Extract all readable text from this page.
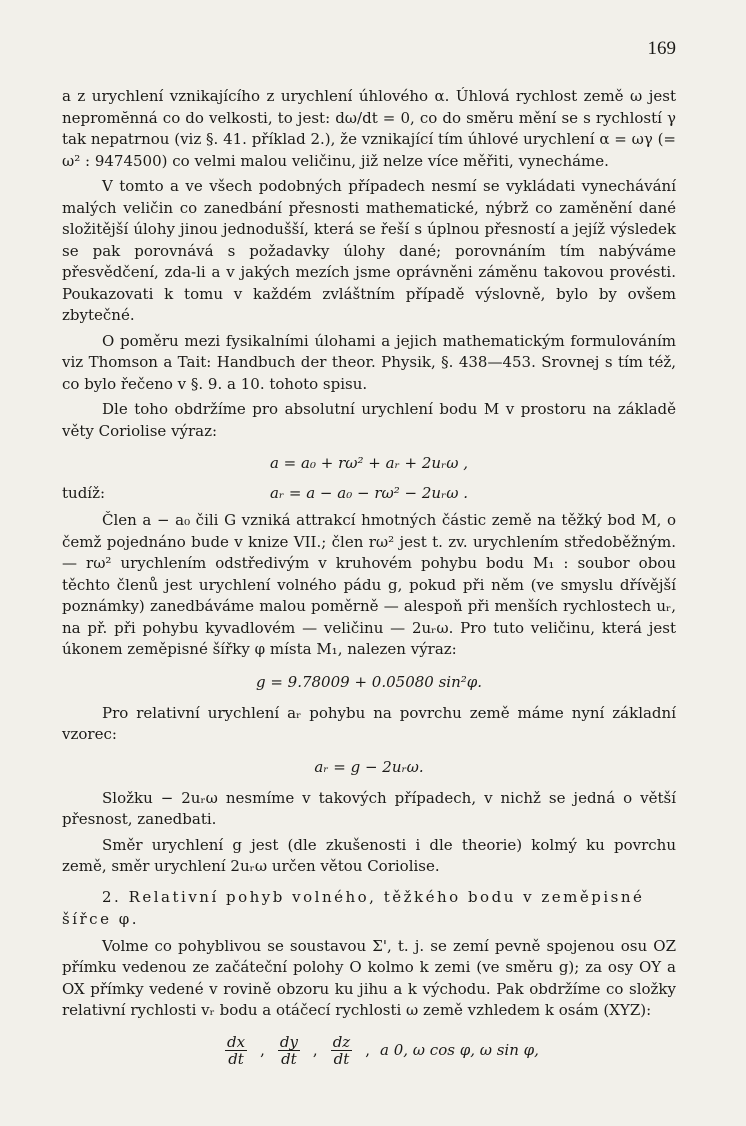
169

a z urychlení vznikajícího z urychlení úhlového α. Úhlová rychlost země ω jest nepromĕnná co do velkosti, to jest: dω/dt = 0, co do směru mění se s rychlostí γ tak nepatrnou (viz §. 41. příklad 2.), že vznikající tím úhlové urychlení α = ωγ (= ω² : 9474500) co velmi malou veličinu, již nelze více měřiti, vynecháme.

V tomto a ve všech podobných případech nesmí se vykládati vynechávání malých veličin co zanedbání přesnosti mathematické, nýbrž co zaměnění dané složitější úlohy jinou jednodušší, která se řeší s úplnou přesností a jejíž výsledek se pak porovnává s požadavky úlohy dané; porovnáním tím nabýváme přesvědčení, zda-li a v jakých mezích jsme oprávněni záměnu takovou provésti. Poukazovati k tomu v každém zvláštním případě výslovně, bylo by ovšem zbytečné.

O poměru mezi fysikalními úlohami a jejich mathematickým formulováním viz Thomson a Tait: Handbuch der theor. Physik, §. 438—453. Srovnej s tím též, co bylo řečeno v §. 9. a 10. tohoto spisu.

Dle toho obdržíme pro absolutní urychlení bodu M v prostoru na základě věty Coriolise výraz:

a = a₀ + rω² + aᵣ + 2uᵣω ,
tudíž:	aᵣ = a − a₀ − rω² − 2uᵣω .

Člen a − a₀ čili G vzniká attrakcí hmotných částic země na těžký bod M, o čemž pojednáno bude v knize VII.; člen rω² jest t. zv. urychlením středoběžným. — rω² urychlením odstředivým v kruhovém pohybu bodu M₁ : soubor obou těchto členů jest urychlení volného pádu g, pokud při něm (ve smyslu dřívější poznámky) zanedbáváme malou poměrně — alespoň při menších rychlostech uᵣ, na př. při pohybu kyvadlovém — veličinu — 2uᵣω. Pro tuto veličinu, která jest úkonem zeměpisné šířky φ místa M₁, nalezen výraz:

g = 9.78009 + 0.05080 sin²φ.

Pro relativní urychlení aᵣ pohybu na povrchu země máme nyní základní vzorec:

aᵣ = g − 2uᵣω.

Složku − 2uᵣω nesmíme v takových případech, v nichž se jedná o větší přesnost, zanedbati.

Směr urychlení g jest (dle zkušenosti i dle theorie) kolmý ku povrchu země, směr urychlení 2uᵣω určen větou Coriolise.

2. Relativní pohyb volného, těžkého bodu v zeměpisné šířce φ.

Volme co pohyblivou se soustavou Σ', t. j. se zemí pevně spojenou osu OZ přímku vedenou ze začáteční polohy O kolmo k zemi (ve směru g); za osy OY a OX přímky vedené v rovině obzoru ku jihu a k východu. Pak obdržíme co složky relativní rychlosti vᵣ bodu a otáčecí rychlosti ω země vzhledem k osám (XYZ):

$\frac{dx}{dt}$ , $\frac{dy}{dt}$ , $\frac{dz}{dt}$ , a 0, ω cos φ, ω sin φ,
